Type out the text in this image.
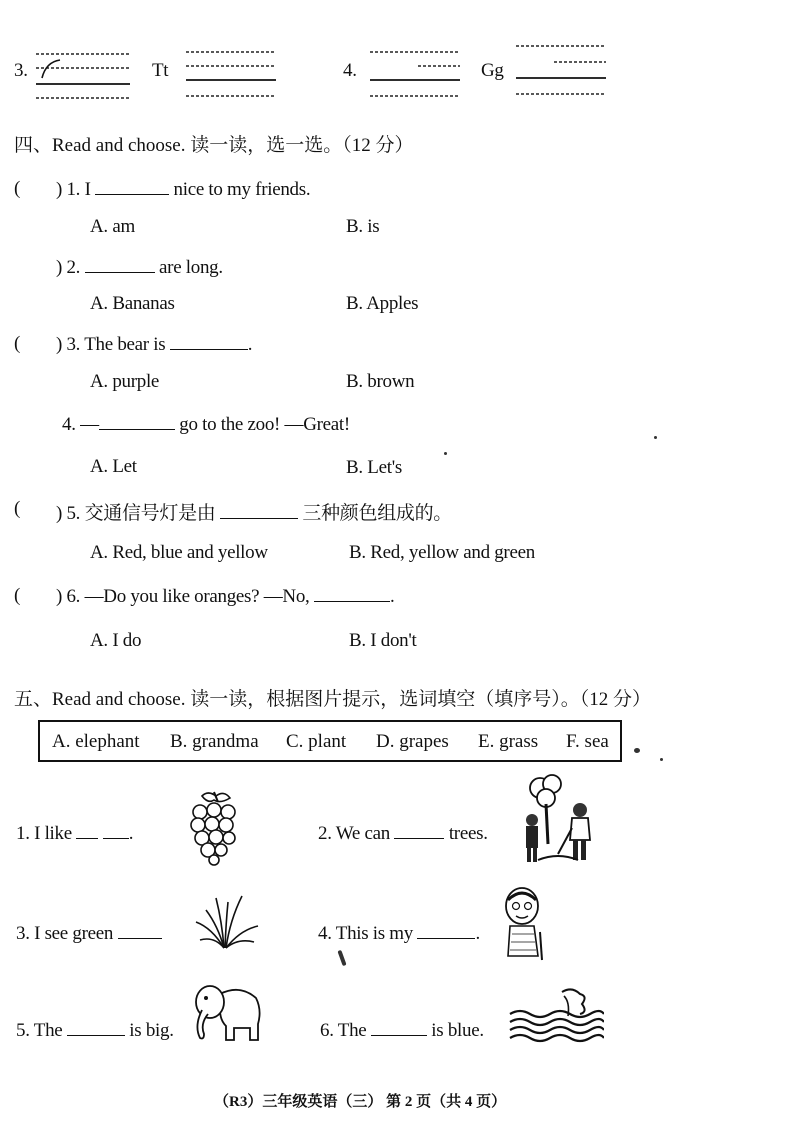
3.	Tt	4.	Gg
四、Read and choose. 读一读，选一选。（12 分）
( ) 1. I	nice to my friends.
A. am	B. is
) 2.	are long.
A. Bananas	B. Apples
( ) 3. The bear is	.
A. purple	B. brown
4. —	go to the zoo! —Great!
A. Let	B. Let's
( ) 5. 交通信号灯是由	三种颜色组成的。
A. Red, blue and yellow	B. Red, yellow and green
( ) 6. —Do you like oranges? —No,	.
A. I do	B. I don't
五、Read and choose. 读一读，根据图片提示，选词填空（填序号）。（12 分）
A. elephant B. grandma C. plant D. grapes E. grass F. sea
1. I like	.	2. We can	trees.
3. I see green	4. This is my	.
5. The	is big.	6. The	is blue.
（R3）三年级英语（三） 第 2 页（共 4 页）
